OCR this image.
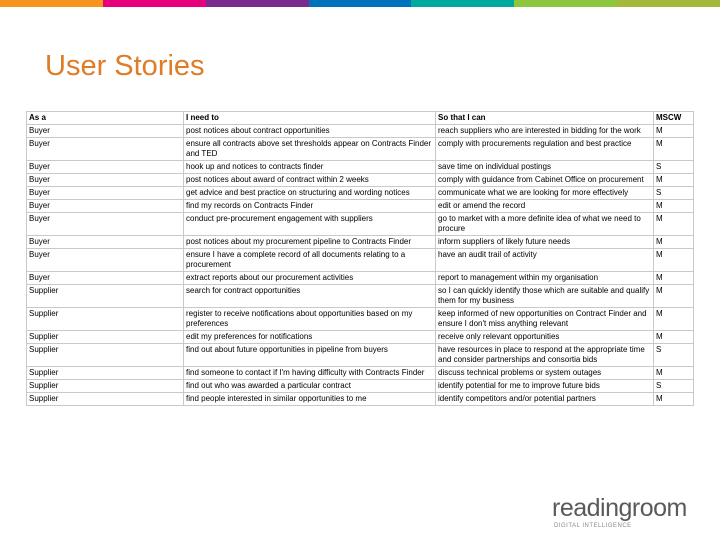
User Stories
As a	I need to	So that I can	MSCW
Buyer	post notices about contract opportunities	reach suppliers who are interested in bidding for the work	M
Buyer	ensure all contracts above set thresholds appear on Contracts Finder and TED	comply with procurements regulation and best practice	M
Buyer	hook up and notices to contracts finder	save time on individual postings	S
Buyer	post notices about award of contract within 2 weeks	comply with guidance from Cabinet Office on procurement	M
Buyer	get advice and best practice on structuring and wording notices	communicate what we are looking for more effectively	S
Buyer	find my records on Contracts Finder	edit or amend the record	M
Buyer	conduct pre-procurement engagement with suppliers	go to market with a more definite idea of what we need to procure	M
Buyer	post notices about my procurement pipeline to Contracts Finder	inform suppliers of likely future needs	M
Buyer	ensure I have a complete record of all documents relating to a procurement	have an audit trail of activity	M
Buyer	extract reports about our procurement activities	report to management within my organisation	M
Supplier	search for contract opportunities	so I can quickly identify those which are suitable and qualify them for my business	M
Supplier	register to receive notifications about opportunities based on my preferences	keep informed of new opportunities on Contract Finder and ensure I don't miss anything relevant	M
Supplier	edit my preferences for notifications	receive only relevant opportunities	M
Supplier	find out about future opportunities in pipeline from buyers	have resources in place to respond at the appropriate time and consider partnerships and consortia bids	S
Supplier	find someone to contact if I'm having difficulty with Contracts Finder	discuss technical problems or system outages	M
Supplier	find out who was awarded a particular contract	identify potential for me to improve future bids	S
Supplier	find people interested in similar opportunities to me	identify competitors and/or potential partners	M
readingroom
DIGITAL INTELLIGENCE
